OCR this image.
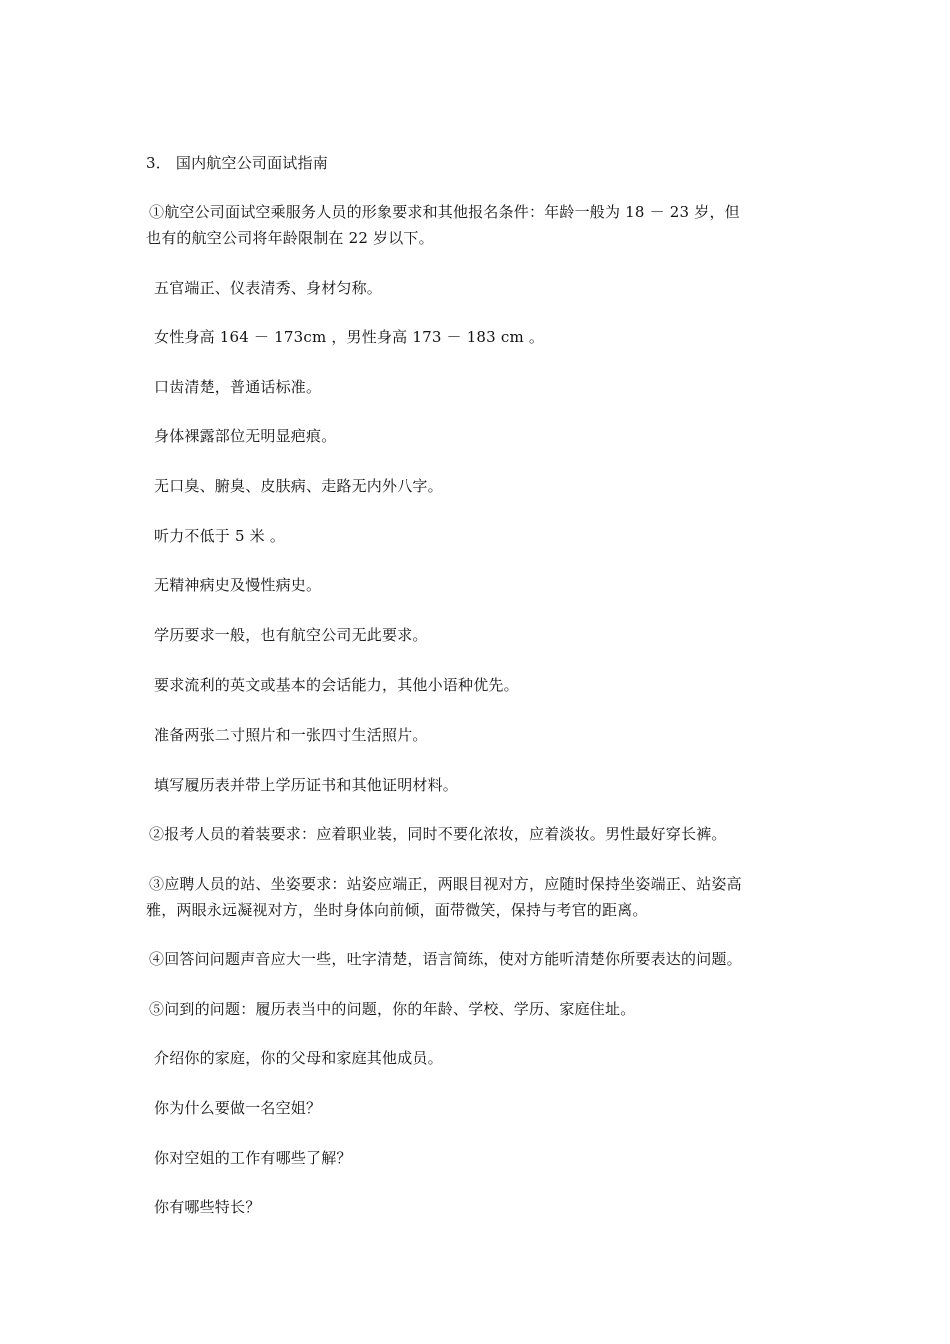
3． 国内航空公司面试指南
①航空公司面试空乘服务人员的形象要求和其他报名条件：年龄一般为 18 － 23 岁，但
也有的航空公司将年龄限制在 22 岁以下。
五官端正、仪表清秀、身材匀称。
女性身高 164 － 173cm ，男性身高 173 － 183 cm 。
口齿清楚，普通话标准。
身体裸露部位无明显疤痕。
无口臭、腑臭、皮肤病、走路无内外八字。
听力不低于 5 米 。
无精神病史及慢性病史。
学历要求一般，也有航空公司无此要求。
要求流利的英文或基本的会话能力，其他小语种优先。
准备两张二寸照片和一张四寸生活照片。
填写履历表并带上学历证书和其他证明材料。
②报考人员的着装要求：应着职业装，同时不要化浓妆，应着淡妆。男性最好穿长裤。
③应聘人员的站、坐姿要求：站姿应端正，两眼目视对方，应随时保持坐姿端正、站姿高
雅，两眼永远凝视对方，坐时身体向前倾，面带微笑，保持与考官的距离。
④回答问问题声音应大一些，吐字清楚，语言简练，使对方能听清楚你所要表达的问题。
⑤问到的问题：履历表当中的问题，你的年龄、学校、学历、家庭住址。
介绍你的家庭，你的父母和家庭其他成员。
你为什么要做一名空姐？
你对空姐的工作有哪些了解？
你有哪些特长？
